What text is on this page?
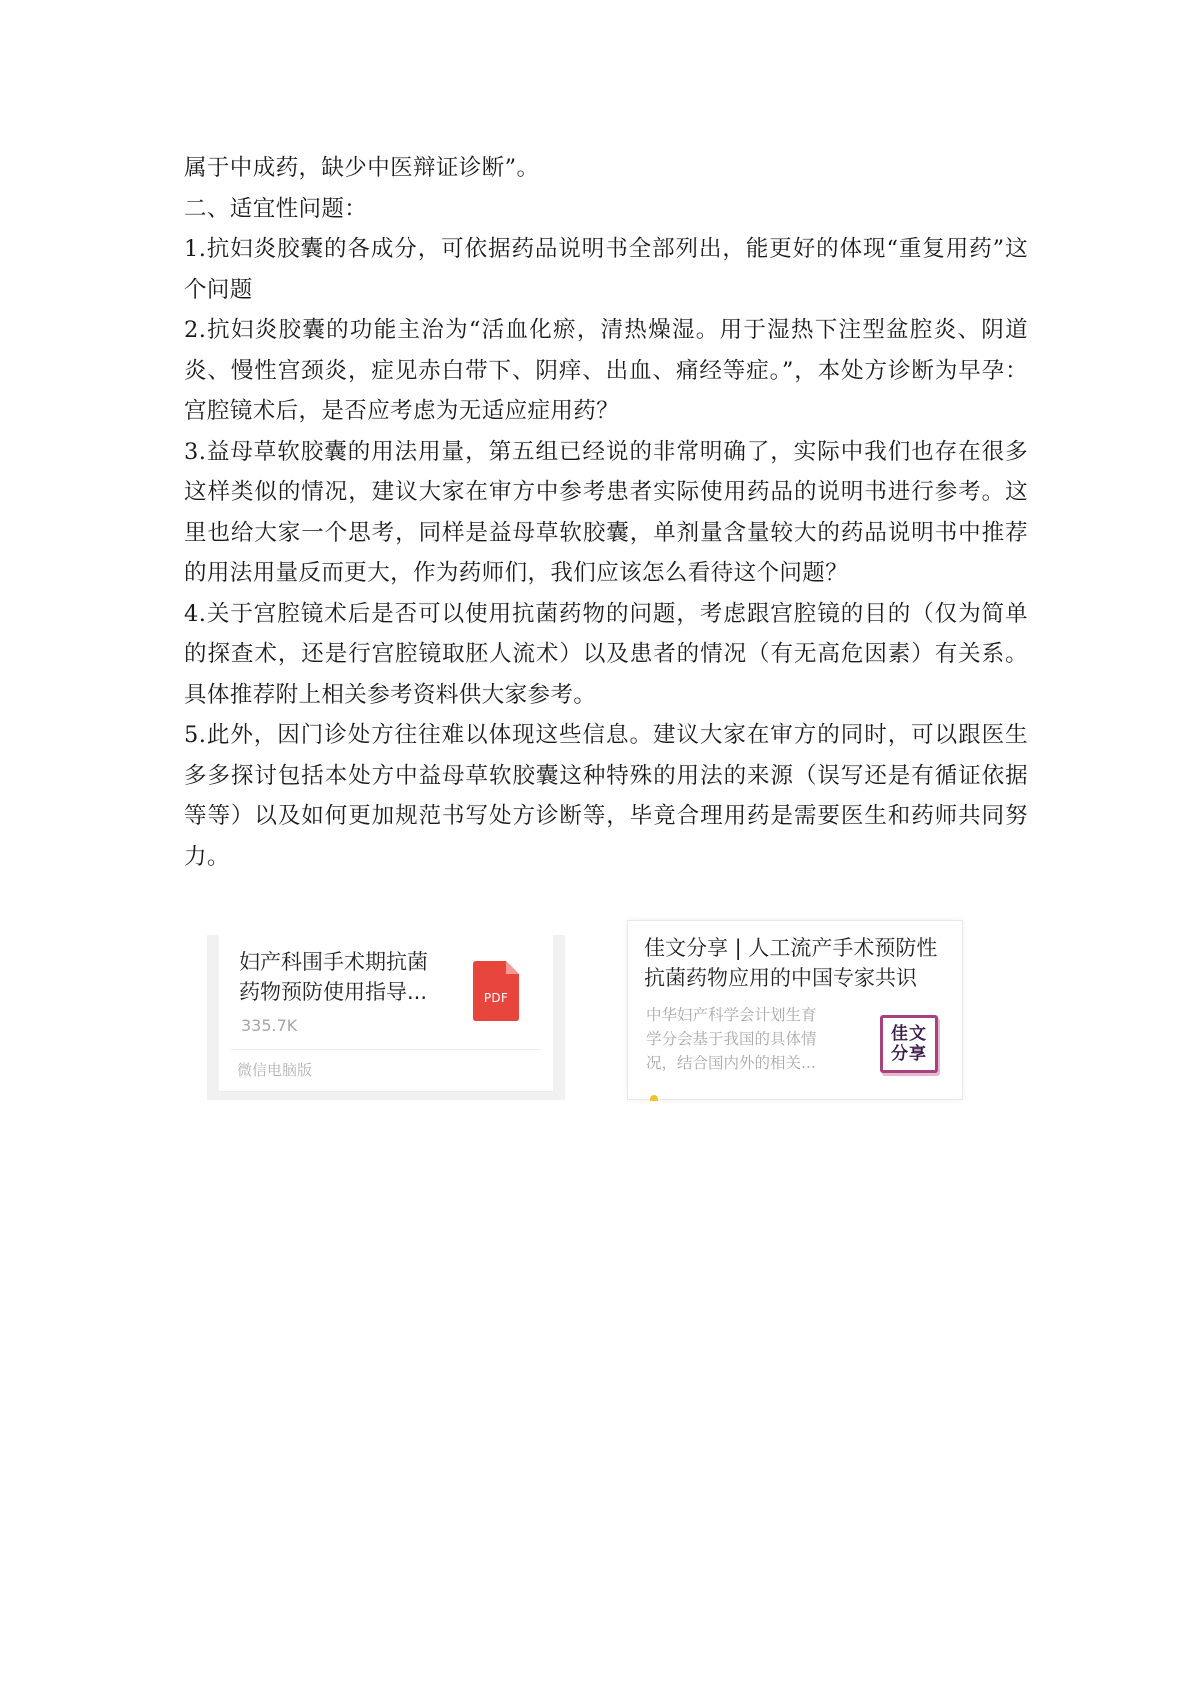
属于中成药，缺少中医辩证诊断”。

二、适宜性问题：

1.抗妇炎胶囊的各成分，可依据药品说明书全部列出，能更好的体现“重复用药”这个问题

2.抗妇炎胶囊的功能主治为“活血化瘀，清热燥湿。用于湿热下注型盆腔炎、阴道炎、慢性宫颈炎，症见赤白带下、阴痒、出血、痛经等症。”，本处方诊断为早孕：宫腔镜术后，是否应考虑为无适应症用药？

3.益母草软胶囊的用法用量，第五组已经说的非常明确了，实际中我们也存在很多这样类似的情况，建议大家在审方中参考患者实际使用药品的说明书进行参考。这里也给大家一个思考，同样是益母草软胶囊，单剂量含量较大的药品说明书中推荐的用法用量反而更大，作为药师们，我们应该怎么看待这个问题？

4.关于宫腔镜术后是否可以使用抗菌药物的问题，考虑跟宫腔镜的目的（仅为简单的探查术，还是行宫腔镜取胚人流术）以及患者的情况（有无高危因素）有关系。具体推荐附上相关参考资料供大家参考。

5.此外，因门诊处方往往难以体现这些信息。建议大家在审方的同时，可以跟医生多多探讨包括本处方中益母草软胶囊这种特殊的用法的来源（误写还是有循证依据等等）以及如何更加规范书写处方诊断等，毕竟合理用药是需要医生和药师共同努力。

妇产科围手术期抗菌
药物预防使用指导...
335.7K
微信电脑版
PDF
佳文分享 | 人工流产手术预防性
抗菌药物应用的中国专家共识
中华妇产科学会计划生育
学分会基于我国的具体情
况，结合国内外的相关...
佳文
分享
